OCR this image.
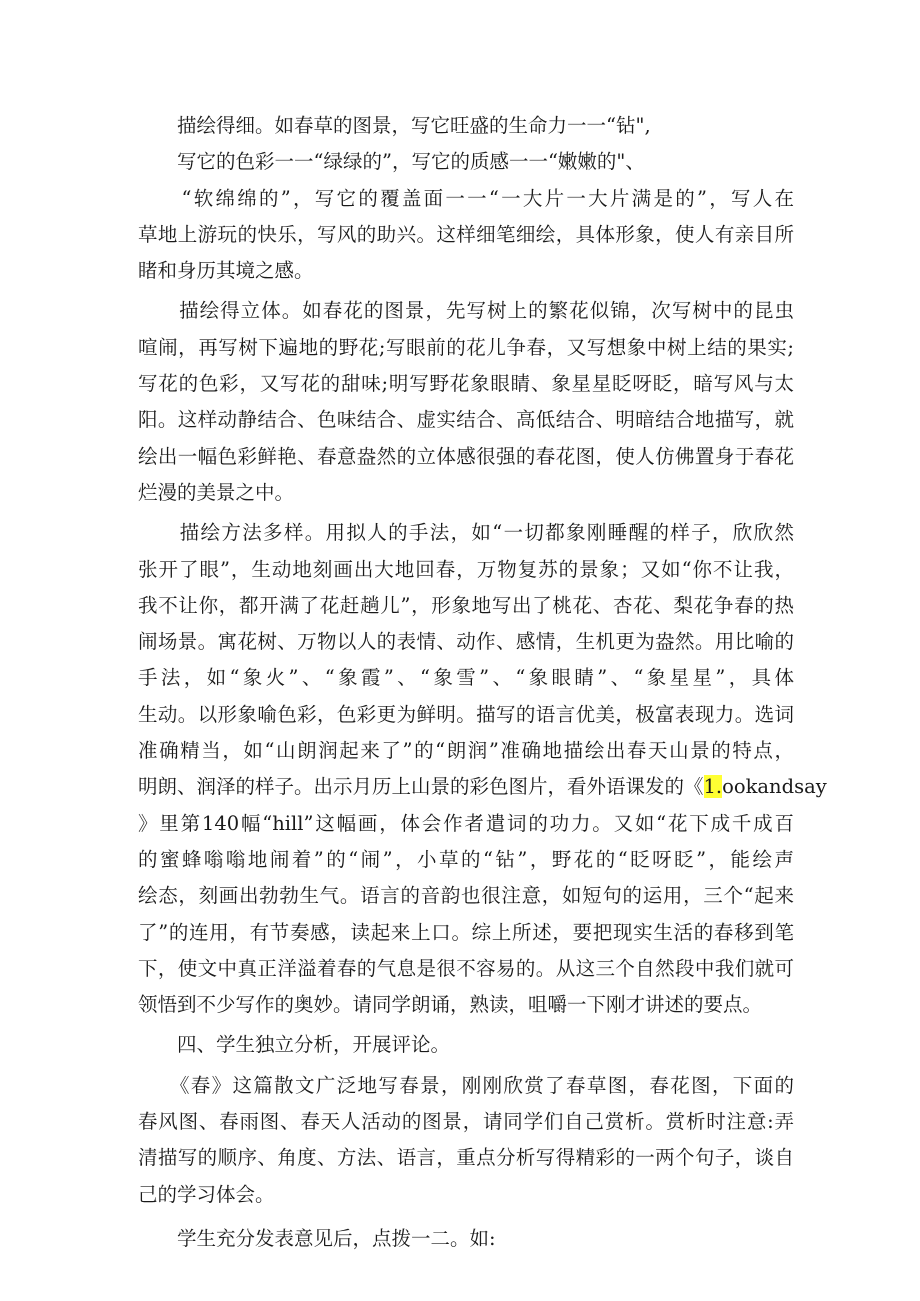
　　描绘得细。如春草的图景，写它旺盛的生命力一一“钻",
　　写它的色彩一一“绿绿的”，写它的质感一一“嫩嫩的"、
　　“软绵绵的”，写它的覆盖面一一“一大片一大片满是的”，写人在
草地上游玩的快乐，写风的助兴。这样细笔细绘，具体形象，使人有亲目所
睹和身历其境之感。
　　描绘得立体。如春花的图景，先写树上的繁花似锦，次写树中的昆虫
喧闹，再写树下遍地的野花;写眼前的花儿争春，又写想象中树上结的果实;
写花的色彩，又写花的甜味;明写野花象眼睛、象星星眨呀眨，暗写风与太
阳。这样动静结合、色味结合、虚实结合、高低结合、明暗结合地描写，就
绘出一幅色彩鲜艳、春意盎然的立体感很强的春花图，使人仿佛置身于春花
烂漫的美景之中。
　　描绘方法多样。用拟人的手法，如“一切都象刚睡醒的样子，欣欣然
张开了眼”，生动地刻画出大地回春，万物复苏的景象；又如“你不让我，
我不让你，都开满了花赶趟儿”，形象地写出了桃花、杏花、梨花争春的热
闹场景。寓花树、万物以人的表情、动作、感情，生机更为盎然。用比喻的
手法，如“象火”、“象霞”、“象雪”、“象眼睛”、“象星星”，具体
生动。以形象喻色彩，色彩更为鲜明。描写的语言优美，极富表现力。选词
准确精当，如“山朗润起来了”的“朗润”准确地描绘出春天山景的特点，
明朗、润泽的样子。出示月历上山景的彩色图片，看外语课发的《1.ookandsay
》里第140幅“hill”这幅画，体会作者遣词的功力。又如“花下成千成百
的蜜蜂嗡嗡地闹着”的“闹”，小草的“钻”，野花的“眨呀眨”，能绘声
绘态，刻画出勃勃生气。语言的音韵也很注意，如短句的运用，三个“起来
了”的连用，有节奏感，读起来上口。综上所述，要把现实生活的春移到笔
下，使文中真正洋溢着春的气息是很不容易的。从这三个自然段中我们就可
领悟到不少写作的奥妙。请同学朗诵，熟读，咀嚼一下刚才讲述的要点。
　　四、学生独立分析，开展评论。
　　《春》这篇散文广泛地写春景，刚刚欣赏了春草图，春花图，下面的
春风图、春雨图、春天人活动的图景，请同学们自己赏析。赏析时注意:弄
清描写的顺序、角度、方法、语言，重点分析写得精彩的一两个句子，谈自
己的学习体会。
　　学生充分发表意见后，点拨一二。如:
